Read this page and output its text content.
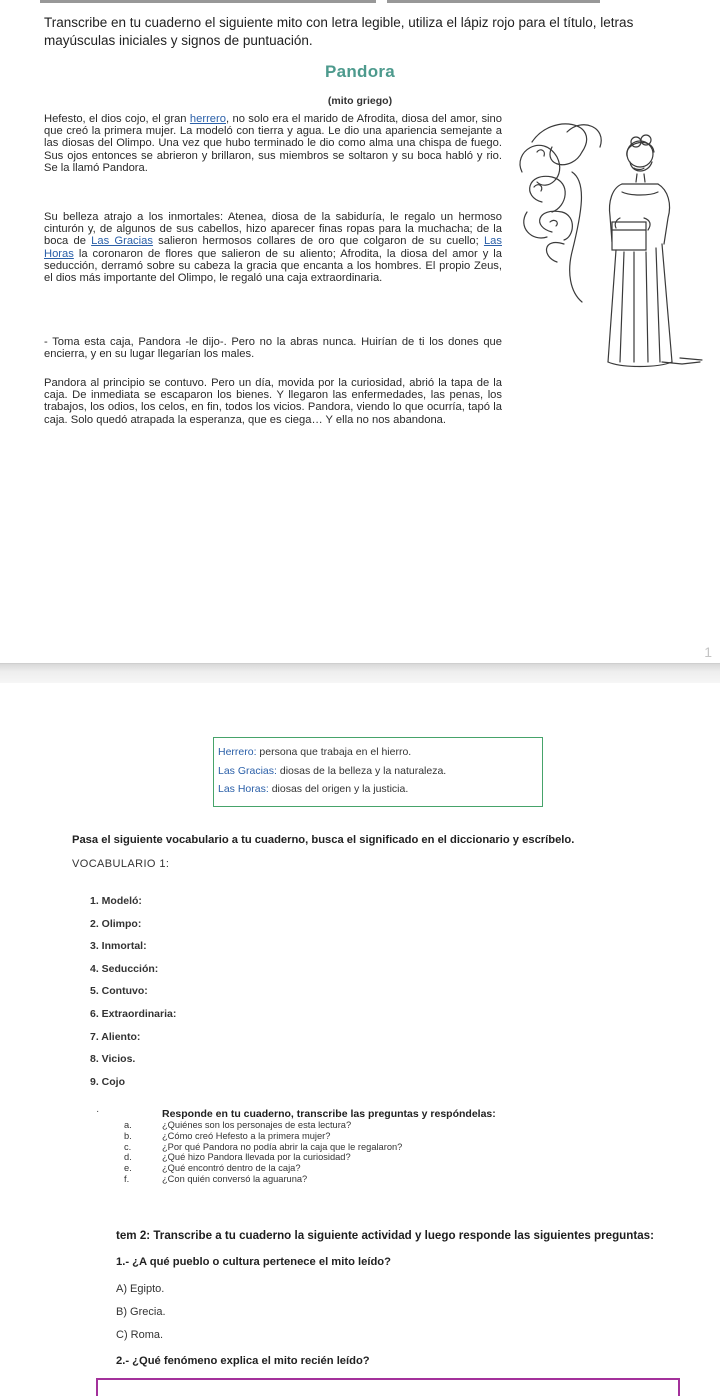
Transcribe en tu cuaderno el siguiente mito con letra legible, utiliza el lápiz rojo para el título, letras mayúsculas iniciales y signos de puntuación.

Pandora
(mito griego)

Hefesto, el dios cojo, el gran herrero, no solo era el marido de Afrodita, diosa del amor, sino que creó la primera mujer. La modeló con tierra y agua. Le dio una apariencia semejante a las diosas del Olimpo. Una vez que hubo terminado le dio como alma una chispa de fuego. Sus ojos entonces se abrieron y brillaron, sus miembros se soltaron y su boca habló y rio. Se la llamó Pandora.

Su belleza atrajo a los inmortales: Atenea, diosa de la sabiduría, le regalo un hermoso cinturón y, de algunos de sus cabellos, hizo aparecer finas ropas para la muchacha; de la boca de Las Gracias salieron hermosos collares de oro que colgaron de su cuello; Las Horas la coronaron de flores que salieron de su aliento; Afrodita, la diosa del amor y la seducción, derramó sobre su cabeza la gracia que encanta a los hombres. El propio Zeus, el dios más importante del Olimpo, le regaló una caja extraordinaria.

- Toma esta caja, Pandora -le dijo-. Pero no la abras nunca. Huirían de ti los dones que encierra, y en su lugar llegarían los males.

Pandora al principio se contuvo. Pero un día, movida por la curiosidad, abrió la tapa de la caja. De inmediata se escaparon los bienes. Y llegaron las enfermedades, las penas, los trabajos, los odios, los celos, en fin, todos los vicios. Pandora, viendo lo que ocurría, tapó la caja. Solo quedó atrapada la esperanza, que es ciega… Y ella no nos abandona.

1
Herrero: persona que trabaja en el hierro.
Las Gracias: diosas de la belleza y la naturaleza.
Las Horas: diosas del origen y la justicia.

Pasa el siguiente vocabulario a tu cuaderno, busca el significado en el diccionario y escríbelo.

VOCABULARIO 1:
1. Modeló:
2. Olimpo:
3. Inmortal:
4. Seducción:
5. Contuvo:
6. Extraordinaria:
7. Aliento:
8. Vicios.
9. Cojo
·	Responde en tu cuaderno, transcribe las preguntas y respóndelas:
a.	¿Quiénes son los personajes de esta lectura?
b.	¿Cómo creó Hefesto a la primera mujer?
c.	¿Por qué Pandora no podía abrir la caja que le regalaron?
d.	¿Qué hizo Pandora llevada por la curiosidad?
e.	¿Qué encontró dentro de la caja?
f.	¿Con quién conversó la aguaruna?
tem 2: Transcribe a tu cuaderno la siguiente actividad y luego responde las siguientes preguntas:
1.- ¿A qué pueblo o cultura pertenece el mito leído?
A) Egipto.
B) Grecia.
C) Roma.
2.- ¿Qué fenómeno explica el mito recién leído?
